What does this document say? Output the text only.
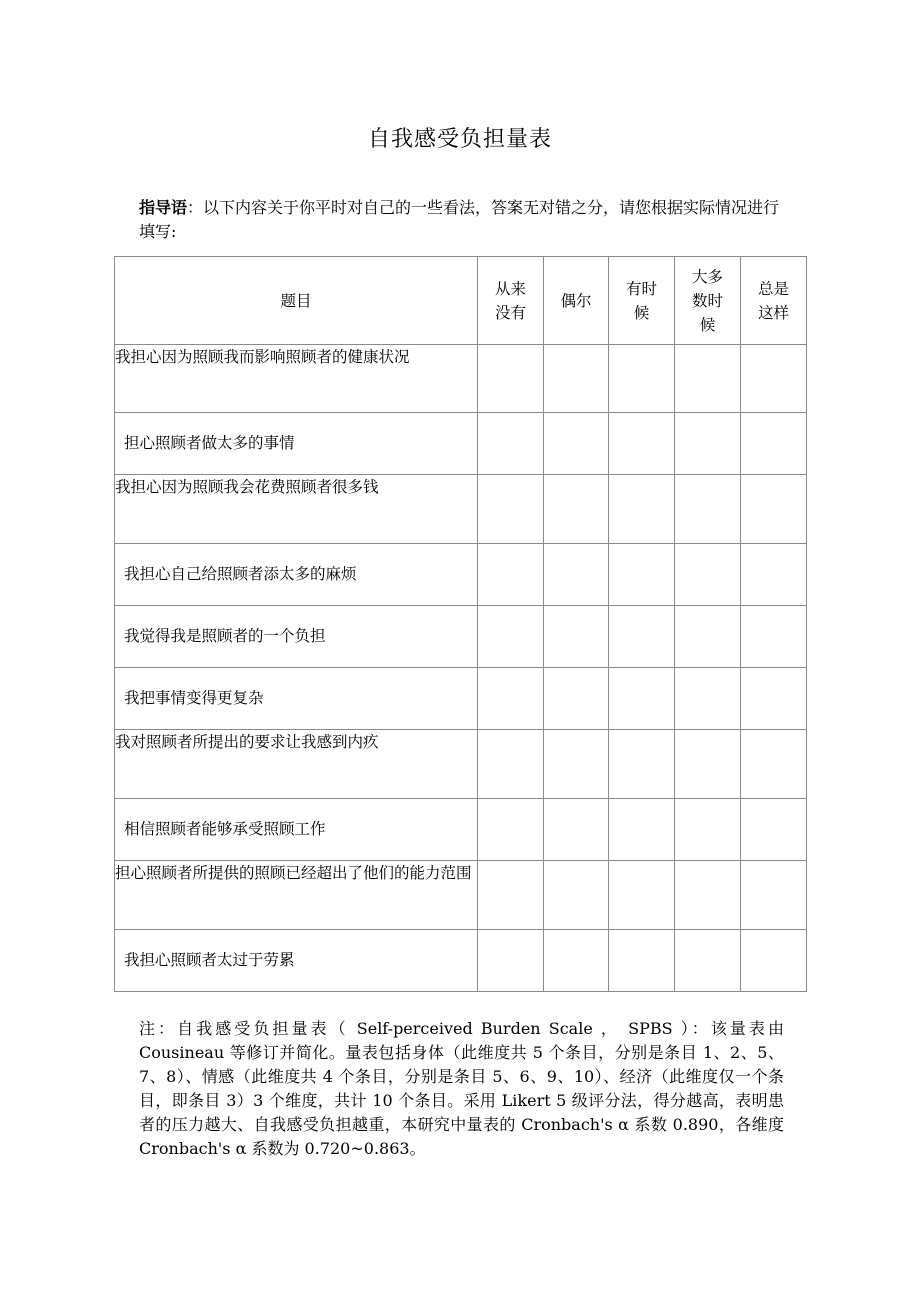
自我感受负担量表
指导语：以下内容关于你平时对自己的一些看法，答案无对错之分，请您根据实际情况进行填写:
题目	从来没有	偶尔	有时候	大多数时候	总是这样

我担心因为照顾我而影响照顾者的健康状况					
担心照顾者做太多的事情					
我担心因为照顾我会花费照顾者很多钱					
我担心自己给照顾者添太多的麻烦					
我觉得我是照顾者的一个负担					
我把事情变得更复杂					
我对照顾者所提出的要求让我感到内疚					
相信照顾者能够承受照顾工作					
担心照顾者所提供的照顾已经超出了他们的能力范围					
我担心照顾者太过于劳累					
注：自我感受负担量表（ Self-perceived Burden Scale ， SPBS ）：该量表由 Cousineau 等修订并简化。量表包括身体（此维度共 5 个条目，分别是条目 1、2、5、7、8）、情感（此维度共 4 个条目，分别是条目 5、6、9、10）、经济（此维度仅一个条目，即条目 3）3 个维度，共计 10 个条目。采用 Likert 5 级评分法，得分越高，表明患者的压力越大、自我感受负担越重，本研究中量表的 Cronbach's α 系数 0.890，各维度 Cronbach's α 系数为 0.720~0.863。
